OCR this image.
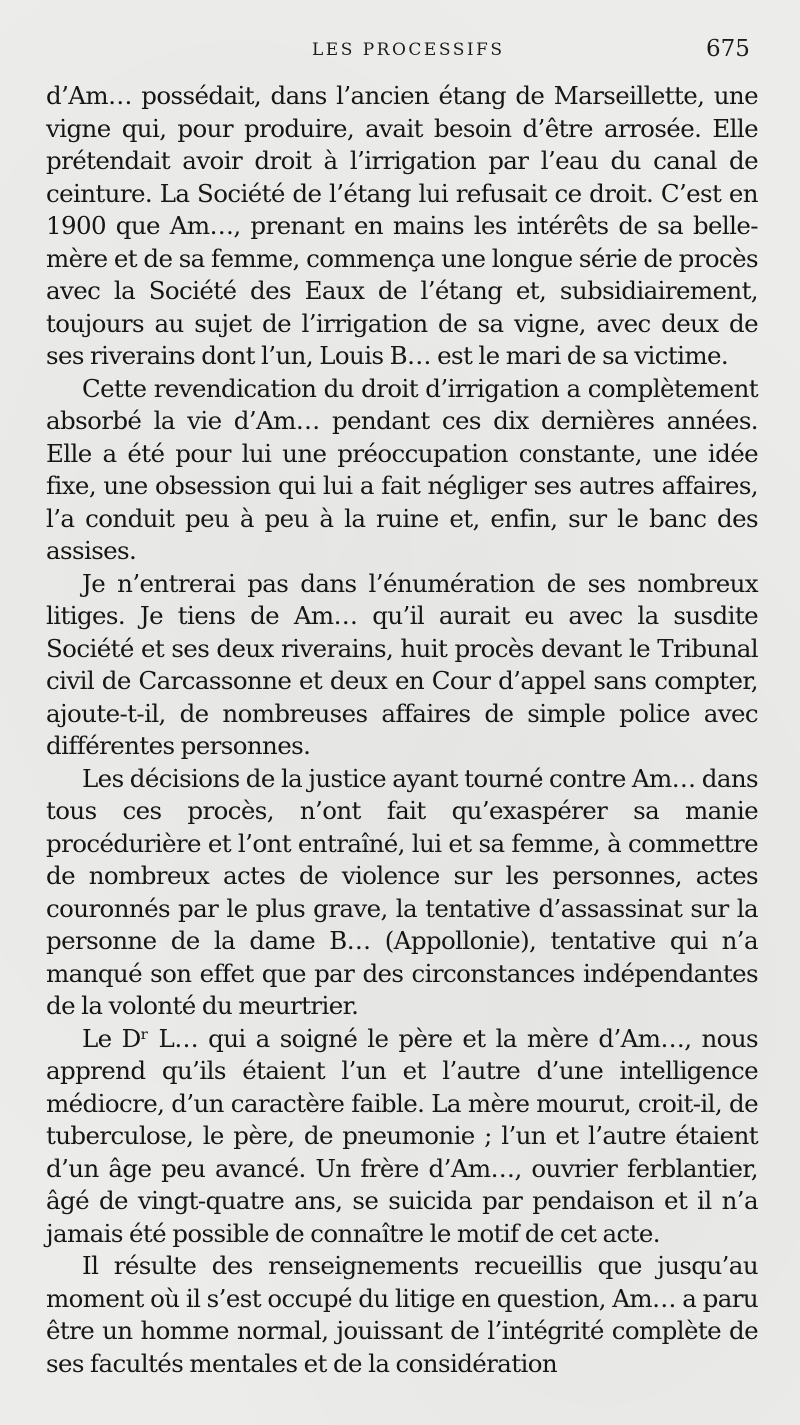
LES PROCESSIFS	675

d’Am… possédait, dans l’ancien étang de Marseillette, une vigne qui, pour produire, avait besoin d’être arrosée. Elle prétendait avoir droit à l’irrigation par l’eau du canal de ceinture. La Société de l’étang lui refusait ce droit. C’est en 1900 que Am…, prenant en mains les intérêts de sa belle-mère et de sa femme, commença une longue série de procès avec la Société des Eaux de l’étang et, subsidiairement, toujours au sujet de l’irrigation de sa vigne, avec deux de ses riverains dont l’un, Louis B… est le mari de sa victime.

Cette revendication du droit d’irrigation a complètement absorbé la vie d’Am… pendant ces dix dernières années. Elle a été pour lui une préoccupation constante, une idée fixe, une obsession qui lui a fait négliger ses autres affaires, l’a conduit peu à peu à la ruine et, enfin, sur le banc des assises.

Je n’entrerai pas dans l’énumération de ses nombreux litiges. Je tiens de Am… qu’il aurait eu avec la susdite Société et ses deux riverains, huit procès devant le Tribunal civil de Carcassonne et deux en Cour d’appel sans compter, ajoute-t-il, de nombreuses affaires de simple police avec différentes personnes.

Les décisions de la justice ayant tourné contre Am… dans tous ces procès, n’ont fait qu’exaspérer sa manie procédurière et l’ont entraîné, lui et sa femme, à commettre de nombreux actes de violence sur les personnes, actes couronnés par le plus grave, la tentative d’assassinat sur la personne de la dame B… (Appollonie), tentative qui n’a manqué son effet que par des circonstances indépendantes de la volonté du meurtrier.

Le Dʳ L… qui a soigné le père et la mère d’Am…, nous apprend qu’ils étaient l’un et l’autre d’une intelligence médiocre, d’un caractère faible. La mère mourut, croit-il, de tuberculose, le père, de pneumonie ; l’un et l’autre étaient d’un âge peu avancé. Un frère d’Am…, ouvrier ferblantier, âgé de vingt-quatre ans, se suicida par pendaison et il n’a jamais été possible de connaître le motif de cet acte.

Il résulte des renseignements recueillis que jusqu’au moment où il s’est occupé du litige en question, Am… a paru être un homme normal, jouissant de l’intégrité complète de ses facultés mentales et de la considération
